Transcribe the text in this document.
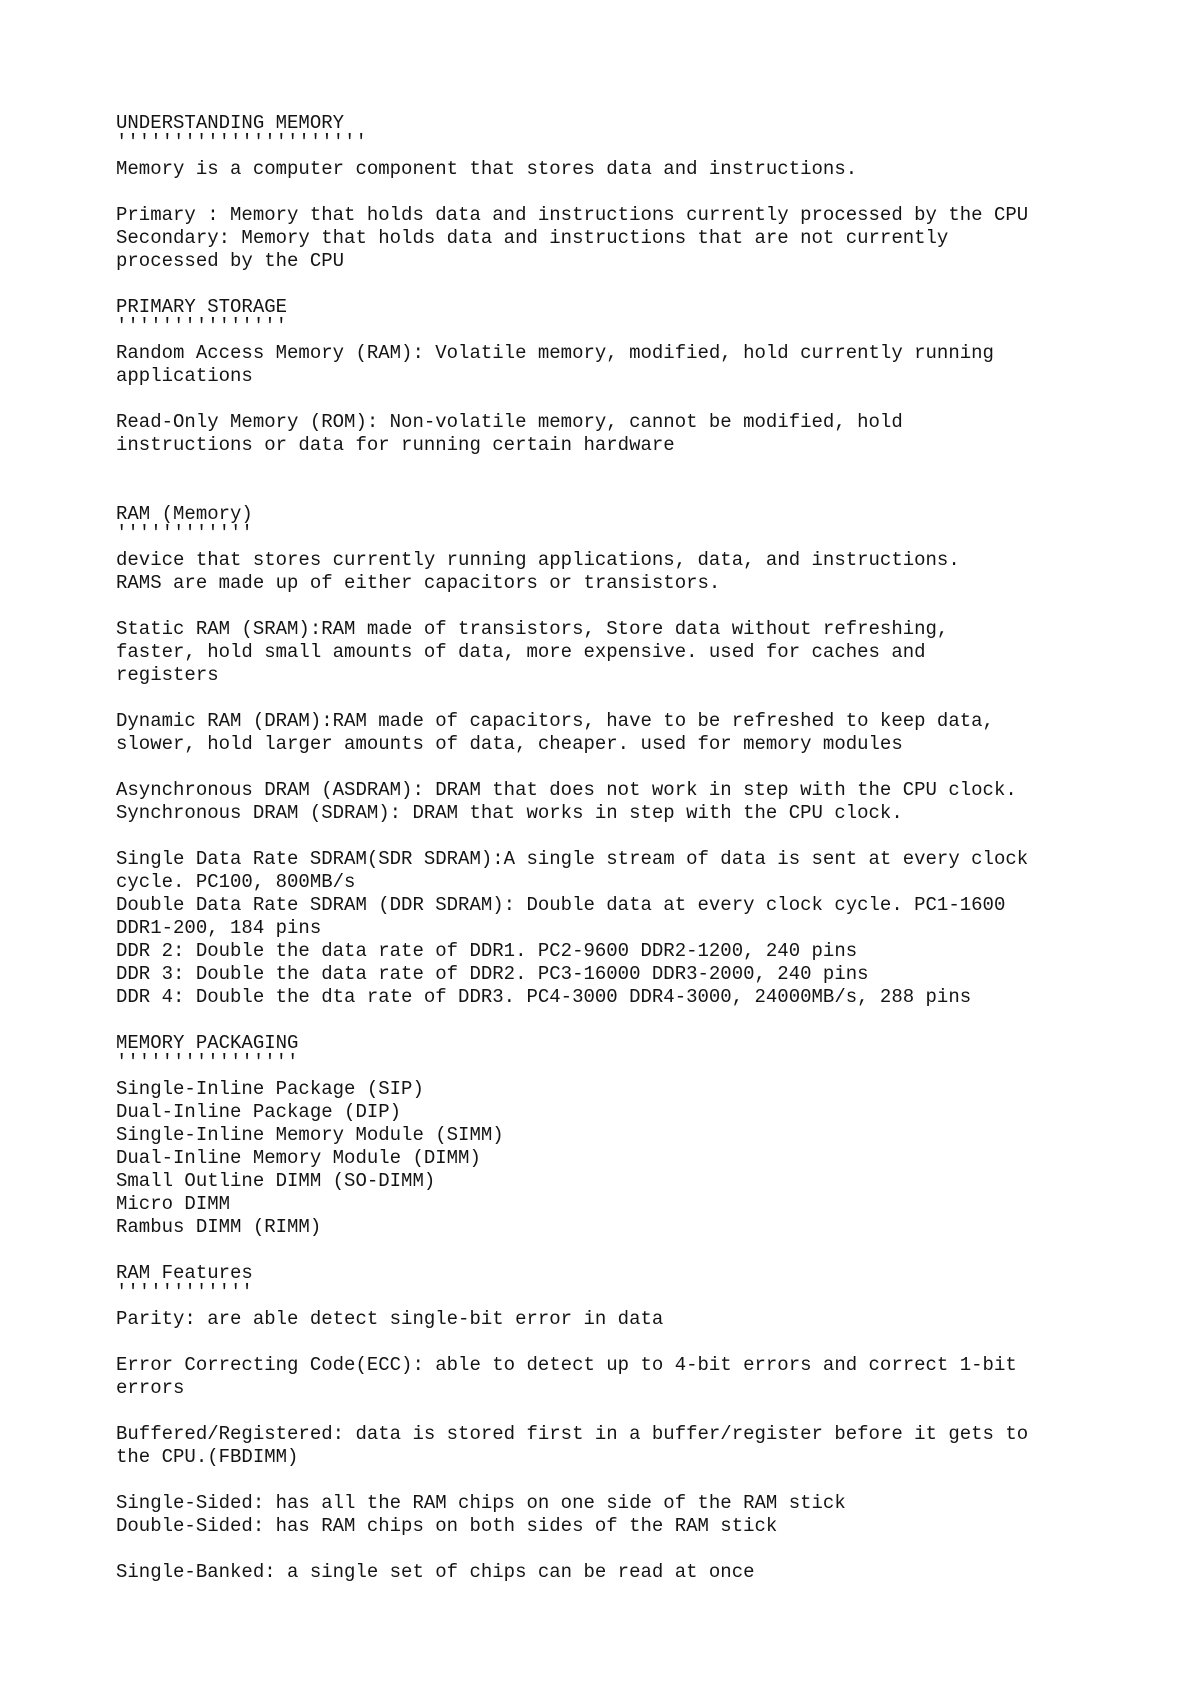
UNDERSTANDING MEMORY
''''''''''''''''''''''
Memory is a computer component that stores data and instructions.
Primary : Memory that holds data and instructions currently processed by the CPU
Secondary: Memory that holds data and instructions that are not currently
processed by the CPU
PRIMARY STORAGE
'''''''''''''''
Random Access Memory (RAM): Volatile memory, modified, hold currently running
applications
Read-Only Memory (ROM): Non-volatile memory, cannot be modified, hold
instructions or data for running certain hardware
RAM (Memory)
''''''''''''
device that stores currently running applications, data, and instructions.
RAMS are made up of either capacitors or transistors.
Static RAM (SRAM):RAM made of transistors, Store data without refreshing,
faster, hold small amounts of data, more expensive. used for caches and
registers
Dynamic RAM (DRAM):RAM made of capacitors, have to be refreshed to keep data,
slower, hold larger amounts of data, cheaper. used for memory modules
Asynchronous DRAM (ASDRAM): DRAM that does not work in step with the CPU clock.
Synchronous DRAM (SDRAM): DRAM that works in step with the CPU clock.
Single Data Rate SDRAM(SDR SDRAM):A single stream of data is sent at every clock
cycle. PC100, 800MB/s
Double Data Rate SDRAM (DDR SDRAM): Double data at every clock cycle. PC1-1600
DDR1-200, 184 pins
DDR 2: Double the data rate of DDR1. PC2-9600 DDR2-1200, 240 pins
DDR 3: Double the data rate of DDR2. PC3-16000 DDR3-2000, 240 pins
DDR 4: Double the dta rate of DDR3. PC4-3000 DDR4-3000, 24000MB/s, 288 pins
MEMORY PACKAGING
''''''''''''''''
Single-Inline Package (SIP)
Dual-Inline Package (DIP)
Single-Inline Memory Module (SIMM)
Dual-Inline Memory Module (DIMM)
Small Outline DIMM (SO-DIMM)
Micro DIMM
Rambus DIMM (RIMM)
RAM Features
''''''''''''
Parity: are able detect single-bit error in data
Error Correcting Code(ECC): able to detect up to 4-bit errors and correct 1-bit
errors
Buffered/Registered: data is stored first in a buffer/register before it gets to
the CPU.(FBDIMM)
Single-Sided: has all the RAM chips on one side of the RAM stick
Double-Sided: has RAM chips on both sides of the RAM stick
Single-Banked: a single set of chips can be read at once
